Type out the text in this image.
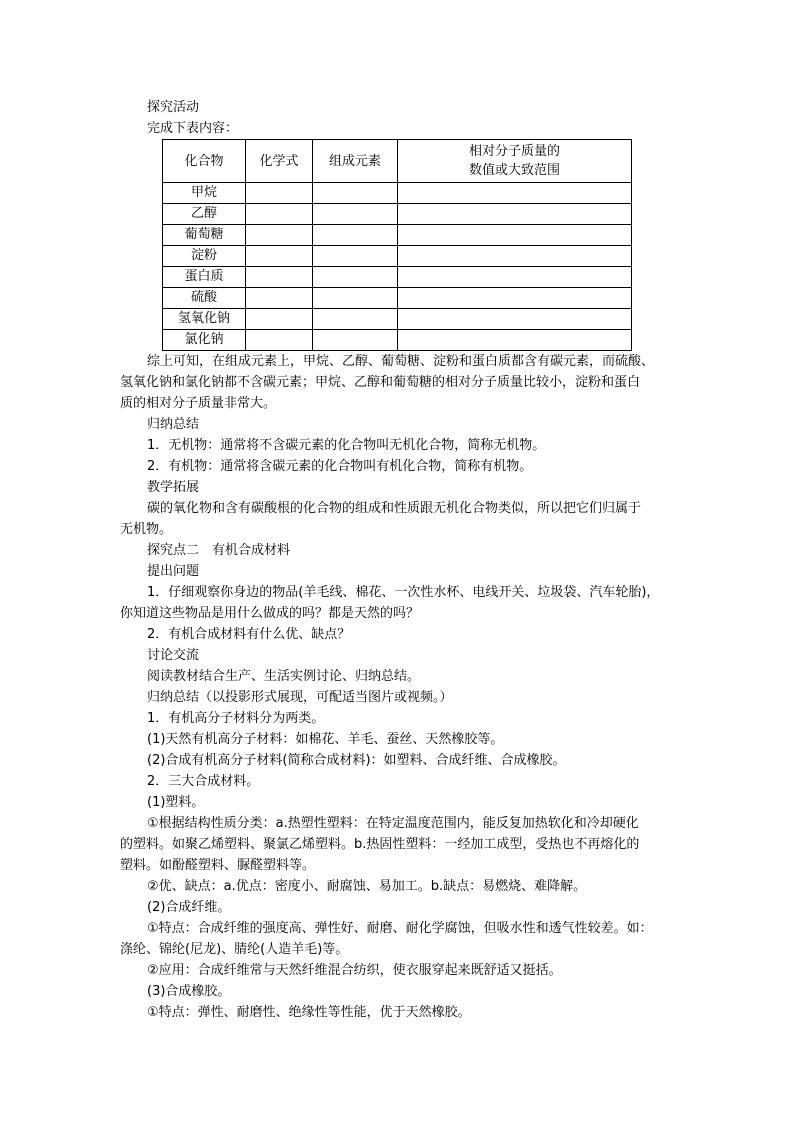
探究活动
完成下表内容：
化合物	化学式	组成元素	相对分子质量的
数值或大致范围

甲烷			
乙醇			
葡萄糖			
淀粉			
蛋白质			
硫酸			
氢氧化钠			
氯化钠			
综上可知，在组成元素上，甲烷、乙醇、葡萄糖、淀粉和蛋白质都含有碳元素，而硫酸、
氢氧化钠和氯化钠都不含碳元素；甲烷、乙醇和葡萄糖的相对分子质量比较小，淀粉和蛋白
质的相对分子质量非常大。
归纳总结
1．无机物：通常将不含碳元素的化合物叫无机化合物，简称无机物。
2．有机物：通常将含碳元素的化合物叫有机化合物，简称有机物。
教学拓展
碳的氧化物和含有碳酸根的化合物的组成和性质跟无机化合物类似，所以把它们归属于
无机物。
探究点二　有机合成材料
提出问题
1．仔细观察你身边的物品(羊毛线、棉花、一次性水杯、电线开关、垃圾袋、汽车轮胎)，
你知道这些物品是用什么做成的吗？都是天然的吗？
2．有机合成材料有什么优、缺点？
讨论交流
阅读教材结合生产、生活实例讨论、归纳总结。
归纳总结（以投影形式展现，可配适当图片或视频。）
1．有机高分子材料分为两类。
(1)天然有机高分子材料：如棉花、羊毛、蚕丝、天然橡胶等。
(2)合成有机高分子材料(简称合成材料)：如塑料、合成纤维、合成橡胶。
2．三大合成材料。
(1)塑料。
①根据结构性质分类：a.热塑性塑料：在特定温度范围内，能反复加热软化和冷却硬化
的塑料。如聚乙烯塑料、聚氯乙烯塑料。b.热固性塑料：一经加工成型，受热也不再熔化的
塑料。如酚醛塑料、脲醛塑料等。
②优、缺点：a.优点：密度小、耐腐蚀、易加工。b.缺点：易燃烧、难降解。
(2)合成纤维。
①特点：合成纤维的强度高、弹性好、耐磨、耐化学腐蚀，但吸水性和透气性较差。如：
涤纶、锦纶(尼龙)、腈纶(人造羊毛)等。
②应用：合成纤维常与天然纤维混合纺织，使衣服穿起来既舒适又挺括。
(3)合成橡胶。
①特点：弹性、耐磨性、绝缘性等性能，优于天然橡胶。
